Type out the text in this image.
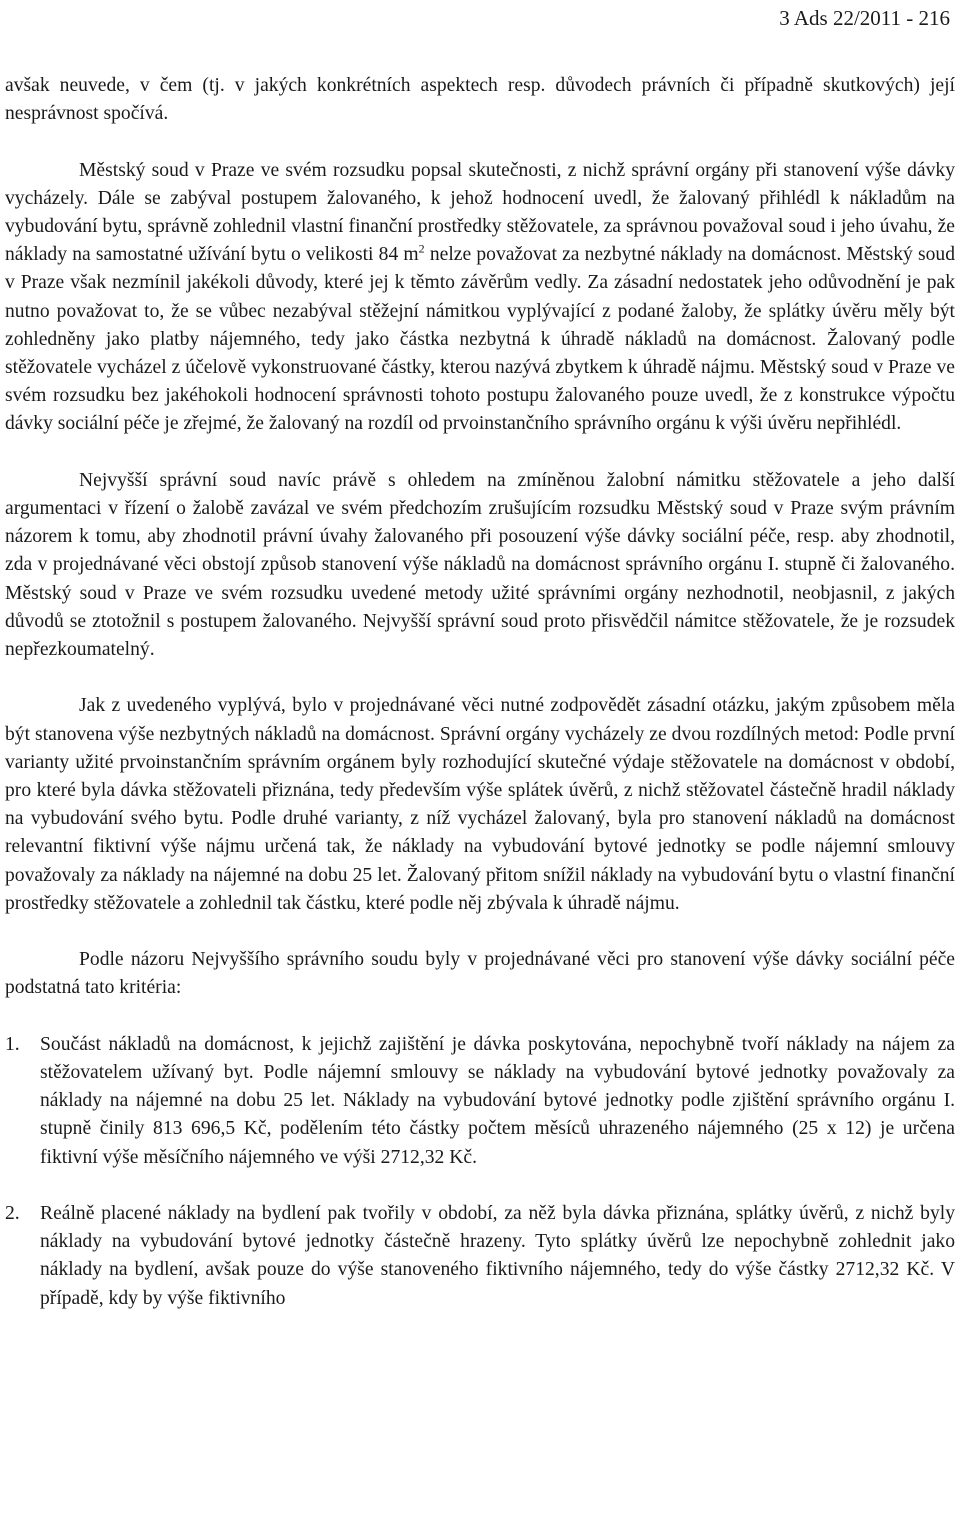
3 Ads 22/2011 - 216

avšak neuvede, v čem (tj. v jakých konkrétních aspektech resp. důvodech právních či případně skutkových) její nesprávnost spočívá.

Městský soud v Praze ve svém rozsudku popsal skutečnosti, z nichž správní orgány při stanovení výše dávky vycházely. Dále se zabýval postupem žalovaného, k jehož hodnocení uvedl, že žalovaný přihlédl k nákladům na vybudování bytu, správně zohlednil vlastní finanční prostředky stěžovatele, za správnou považoval soud i jeho úvahu, že náklady na samostatné užívání bytu o velikosti 84 $m^2$ nelze považovat za nezbytné náklady na domácnost. Městský soud v Praze však nezmínil jakékoli důvody, které jej k těmto závěrům vedly. Za zásadní nedostatek jeho odůvodnění je pak nutno považovat to, že se vůbec nezabýval stěžejní námitkou vyplývající z podané žaloby, že splátky úvěru měly být zohledněny jako platby nájemného, tedy jako částka nezbytná k úhradě nákladů na domácnost. Žalovaný podle stěžovatele vycházel z účelově vykonstruované částky, kterou nazývá zbytkem k úhradě nájmu. Městský soud v Praze ve svém rozsudku bez jakéhokoli hodnocení správnosti tohoto postupu žalovaného pouze uvedl, že z konstrukce výpočtu dávky sociální péče je zřejmé, že žalovaný na rozdíl od prvoinstančního správního orgánu k výši úvěru nepřihlédl.

Nejvyšší správní soud navíc právě s ohledem na zmíněnou žalobní námitku stěžovatele a jeho další argumentaci v řízení o žalobě zavázal ve svém předchozím zrušujícím rozsudku Městský soud v Praze svým právním názorem k tomu, aby zhodnotil právní úvahy žalovaného při posouzení výše dávky sociální péče, resp. aby zhodnotil, zda v projednávané věci obstojí způsob stanovení výše nákladů na domácnost správního orgánu I. stupně či žalovaného. Městský soud v Praze ve svém rozsudku uvedené metody užité správními orgány nezhodnotil, neobjasnil, z jakých důvodů se ztotožnil s postupem žalovaného. Nejvyšší správní soud proto přisvědčil námitce stěžovatele, že je rozsudek nepřezkoumatelný.

Jak z uvedeného vyplývá, bylo v projednávané věci nutné zodpovědět zásadní otázku, jakým způsobem měla být stanovena výše nezbytných nákladů na domácnost. Správní orgány vycházely ze dvou rozdílných metod: Podle první varianty užité prvoinstančním správním orgánem byly rozhodující skutečné výdaje stěžovatele na domácnost v období, pro které byla dávka stěžovateli přiznána, tedy především výše splátek úvěrů, z nichž stěžovatel částečně hradil náklady na vybudování svého bytu. Podle druhé varianty, z níž vycházel žalovaný, byla pro stanovení nákladů na domácnost relevantní fiktivní výše nájmu určená tak, že náklady na vybudování bytové jednotky se podle nájemní smlouvy považovaly za náklady na nájemné na dobu 25 let. Žalovaný přitom snížil náklady na vybudování bytu o vlastní finanční prostředky stěžovatele a zohlednil tak částku, které podle něj zbývala k úhradě nájmu.

Podle názoru Nejvyššího správního soudu byly v projednávané věci pro stanovení výše dávky sociální péče podstatná tato kritéria:

1.	Součást nákladů na domácnost, k jejichž zajištění je dávka poskytována, nepochybně tvoří náklady na nájem za stěžovatelem užívaný byt. Podle nájemní smlouvy se náklady na vybudování bytové jednotky považovaly za náklady na nájemné na dobu 25 let. Náklady na vybudování bytové jednotky podle zjištění správního orgánu I. stupně činily 813 696,5 Kč, podělením této částky počtem měsíců uhrazeného nájemného (25 x 12) je určena fiktivní výše měsíčního nájemného ve výši 2712,32 Kč.
2.	Reálně placené náklady na bydlení pak tvořily v období, za něž byla dávka přiznána, splátky úvěrů, z nichž byly náklady na vybudování bytové jednotky částečně hrazeny. Tyto splátky úvěrů lze nepochybně zohlednit jako náklady na bydlení, avšak pouze do výše stanoveného fiktivního nájemného, tedy do výše částky 2712,32 Kč. V případě, kdy by výše fiktivního
